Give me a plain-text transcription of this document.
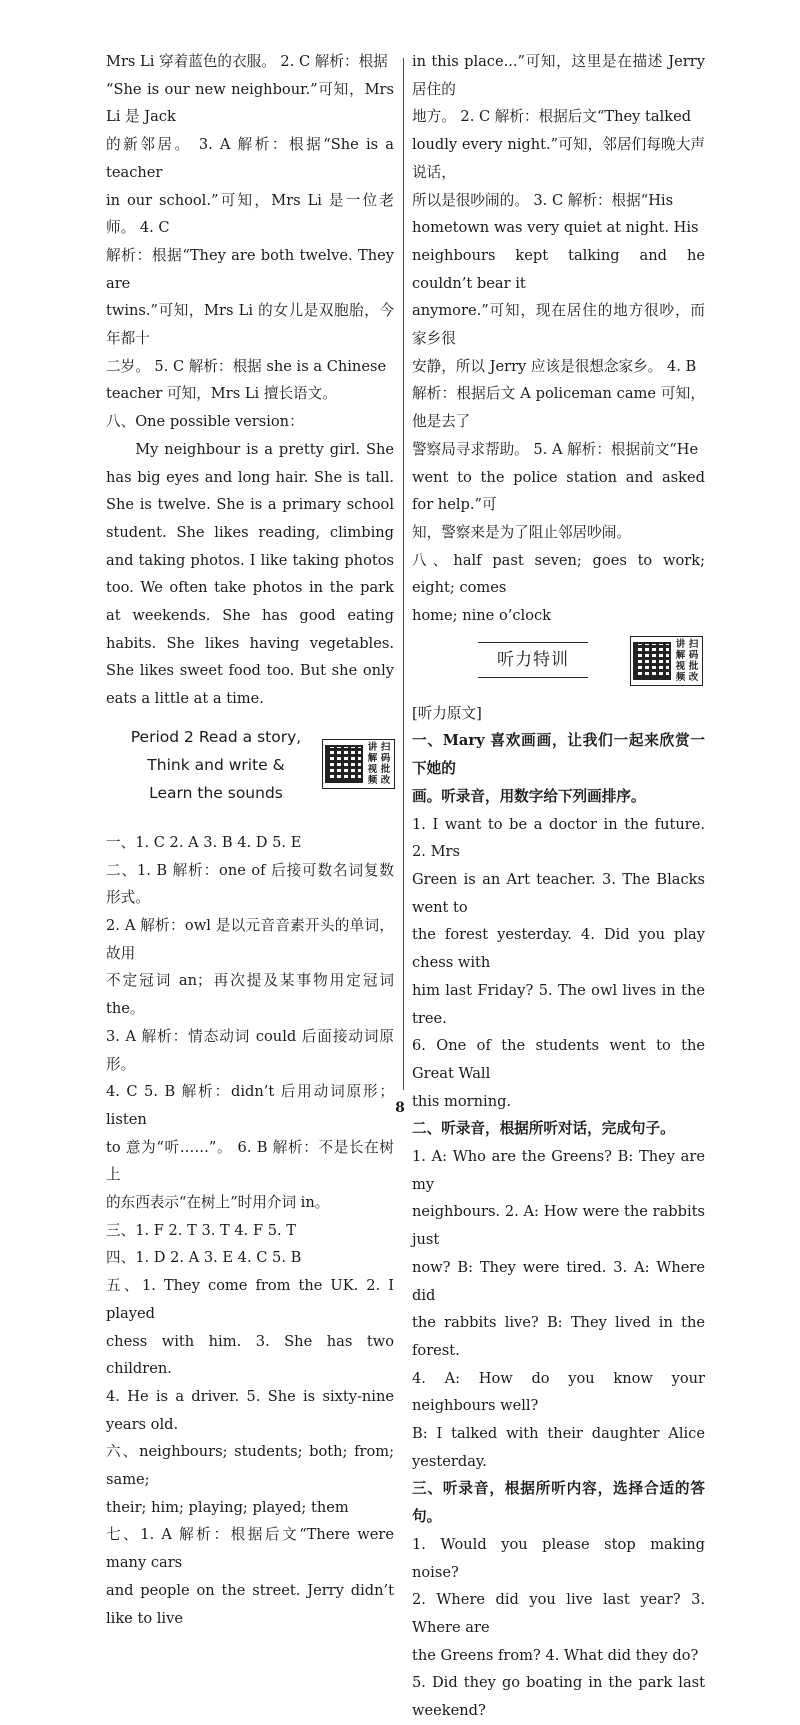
Mrs Li 穿着蓝色的衣服。 2. C 解析：根据

“She is our new neighbour.”可知，Mrs Li 是 Jack

的新邻居。 3. A 解析：根据“She is a teacher

in our school.”可知，Mrs Li 是一位老师。 4. C

解析：根据“They are both twelve. They are

twins.”可知，Mrs Li 的女儿是双胞胎，今年都十

二岁。 5. C 解析：根据 she is a Chinese

teacher 可知，Mrs Li 擅长语文。

八、One possible version：

My neighbour is a pretty girl. She has big eyes and long hair. She is tall. She is twelve. She is a primary school student. She likes reading, climbing and taking photos. I like taking photos too. We often take photos in the park at weekends. She has good eating habits. She likes having vegetables. She likes sweet food too. But she only eats a little at a time.

Period 2 Read a story,
Think and write &
Learn the sounds
讲 扫
解 码
视 批
频 改

一、1. C 2. A 3. B 4. D 5. E

二、1. B 解析：one of 后接可数名词复数形式。

2. A 解析：owl 是以元音音素开头的单词，故用

不定冠词 an；再次提及某事物用定冠词 the。

3. A 解析：情态动词 could 后面接动词原形。

4. C 5. B 解析：didn’t 后用动词原形；listen

to 意为“听……”。 6. B 解析：不是长在树上

的东西表示“在树上”时用介词 in。

三、1. F 2. T 3. T 4. F 5. T

四、1. D 2. A 3. E 4. C 5. B

五、1. They come from the UK. 2. I played

chess with him. 3. She has two children.

4. He is a driver. 5. She is sixty-nine years old.

六、neighbours; students; both; from; same;

their; him; playing; played; them

七、1. A 解析：根据后文“There were many cars

and people on the street. Jerry didn’t like to live

in this place...”可知，这里是在描述 Jerry 居住的

地方。 2. C 解析：根据后文“They talked

loudly every night.”可知，邻居们每晚大声说话，

所以是很吵闹的。 3. C 解析：根据“His

hometown was very quiet at night. His

neighbours kept talking and he couldn’t bear it

anymore.”可知，现在居住的地方很吵，而家乡很

安静，所以 Jerry 应该是很想念家乡。 4. B

解析：根据后文 A policeman came 可知，他是去了

警察局寻求帮助。 5. A 解析：根据前文“He

went to the police station and asked for help.”可

知，警察来是为了阻止邻居吵闹。

八、half past seven; goes to work; eight; comes

home; nine o’clock

听力特训
讲 扫
解 码
视 批
频 改

[听力原文]

一、Mary 喜欢画画，让我们一起来欣赏一下她的

画。听录音，用数字给下列画排序。

1. I want to be a doctor in the future. 2. Mrs

Green is an Art teacher. 3. The Blacks went to

the forest yesterday. 4. Did you play chess with

him last Friday? 5. The owl lives in the tree.

6. One of the students went to the Great Wall

this morning.

二、听录音，根据所听对话，完成句子。

1. A: Who are the Greens? B: They are my

neighbours. 2. A: How were the rabbits just

now? B: They were tired. 3. A: Where did

the rabbits live? B: They lived in the forest.

4. A: How do you know your neighbours well?

B: I talked with their daughter Alice yesterday.

三、听录音，根据所听内容，选择合适的答句。

1. Would you please stop making noise?

2. Where did you live last year? 3. Where are

the Greens from? 4. What did they do?

5. Did they go boating in the park last weekend?

8
